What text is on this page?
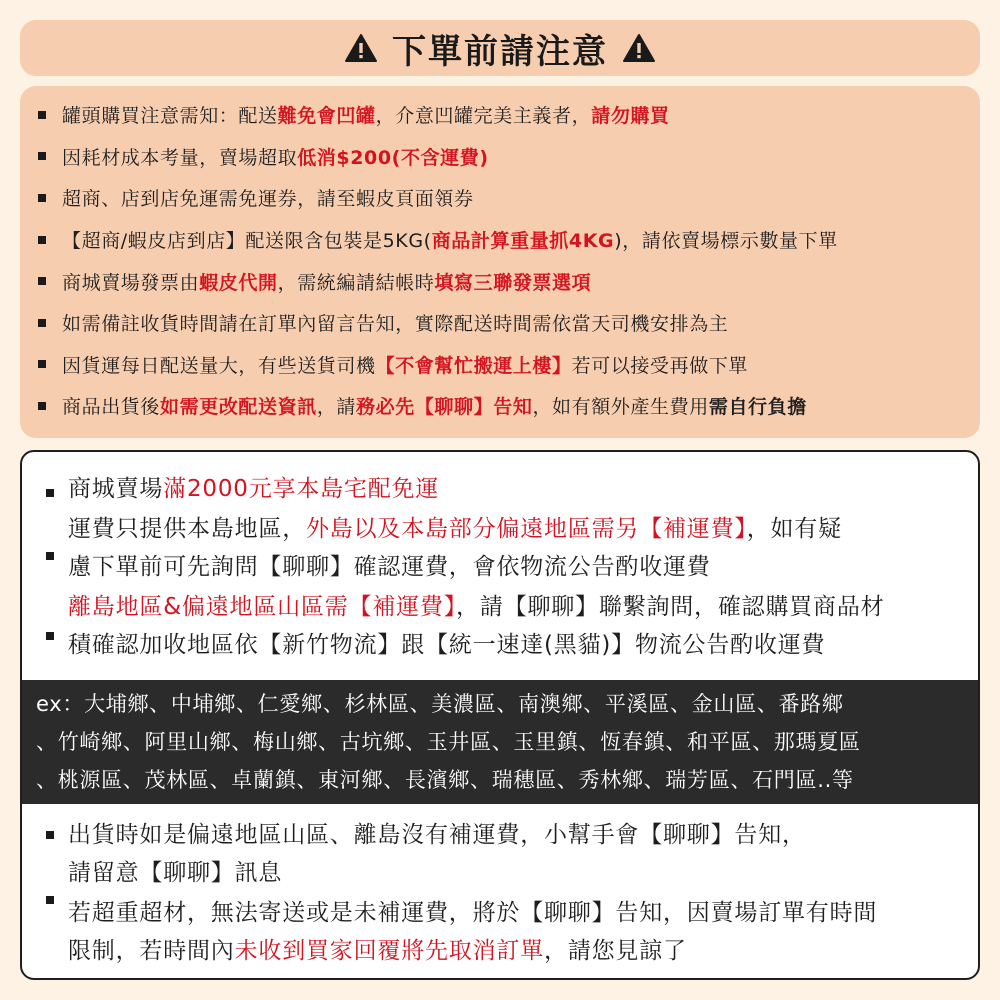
下單前請注意
罐頭購買注意需知：配送難免會凹罐，介意凹罐完美主義者，請勿購買
因耗材成本考量，賣場超取低消$200(不含運費)
超商、店到店免運需免運券，請至蝦皮頁面領券
【超商/蝦皮店到店】配送限含包裝是5KG(商品計算重量抓4KG)，請依賣場標示數量下單
商城賣場發票由蝦皮代開，需統編請結帳時填寫三聯發票選項
如需備註收貨時間請在訂單內留言告知，實際配送時間需依當天司機安排為主
因貨運每日配送量大，有些送貨司機【不會幫忙搬運上樓】若可以接受再做下單
商品出貨後如需更改配送資訊，請務必先【聊聊】告知，如有額外產生費用需自行負擔
ex：大埔鄉、中埔鄉、仁愛鄉、杉林區、美濃區、南澳鄉、平溪區、金山區、番路鄉
、竹崎鄉、阿里山鄉、梅山鄉、古坑鄉、玉井區、玉里鎮、恆春鎮、和平區、那瑪夏區
、桃源區、茂林區、卓蘭鎮、東河鄉、長濱鄉、瑞穗區、秀林鄉、瑞芳區、石門區..等
商城賣場滿2000元享本島宅配免運
運費只提供本島地區，外島以及本島部分偏遠地區需另【補運費】，如有疑
慮下單前可先詢問【聊聊】確認運費，會依物流公告酌收運費
離島地區&偏遠地區山區需【補運費】，請【聊聊】聯繫詢問，確認購買商品材
積確認加收地區依【新竹物流】跟【統一速達(黑貓)】物流公告酌收運費
出貨時如是偏遠地區山區、離島沒有補運費，小幫手會【聊聊】告知，
請留意【聊聊】訊息
若超重超材，無法寄送或是未補運費，將於【聊聊】告知，因賣場訂單有時間
限制，若時間內未收到買家回覆將先取消訂單，請您見諒了
